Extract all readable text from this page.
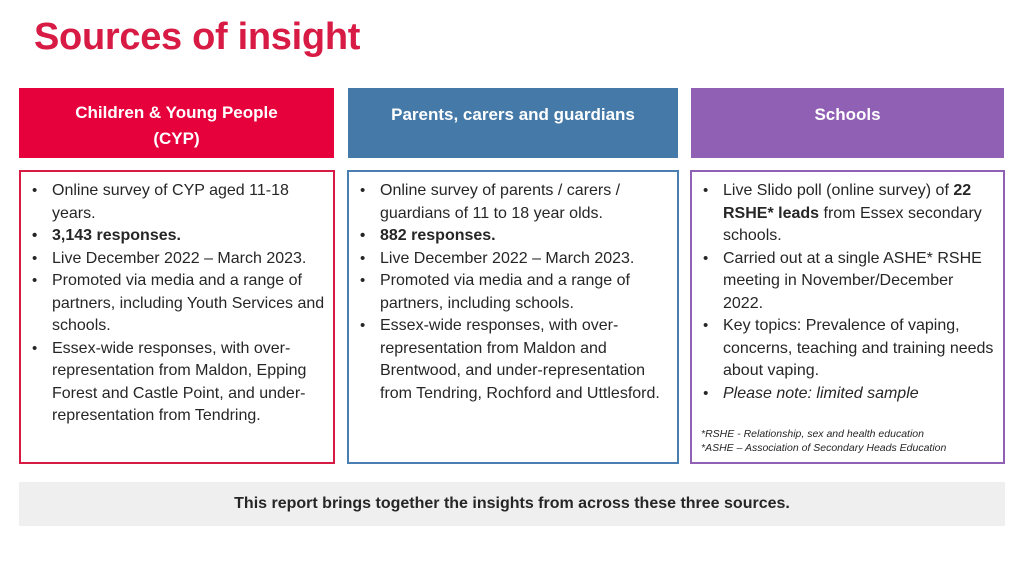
Sources of insight
Children & Young People
(CYP)
Parents, carers and guardians	Schools
• Online survey of CYP aged 11-18 years.
• 3,143 responses.
• Live December 2022 – March 2023.
• Promoted via media and a range of partners, including Youth Services and schools.
• Essex-wide responses, with over-representation from Maldon, Epping Forest and Castle Point, and under-representation from Tendring.
• Online survey of parents / carers / guardians of 11 to 18 year olds.
• 882 responses.
• Live December 2022 – March 2023.
• Promoted via media and a range of partners, including schools.
• Essex-wide responses, with over-representation from Maldon and Brentwood, and under-representation from Tendring, Rochford and Uttlesford.
• Live Slido poll (online survey) of 22 RSHE* leads from Essex secondary schools.
• Carried out at a single ASHE* RSHE meeting in November/December 2022.
• Key topics: Prevalence of vaping, concerns, teaching and training needs about vaping.
• Please note: limited sample
*RSHE - Relationship, sex and health education
*ASHE – Association of Secondary Heads Education
This report brings together the insights from across these three sources.
